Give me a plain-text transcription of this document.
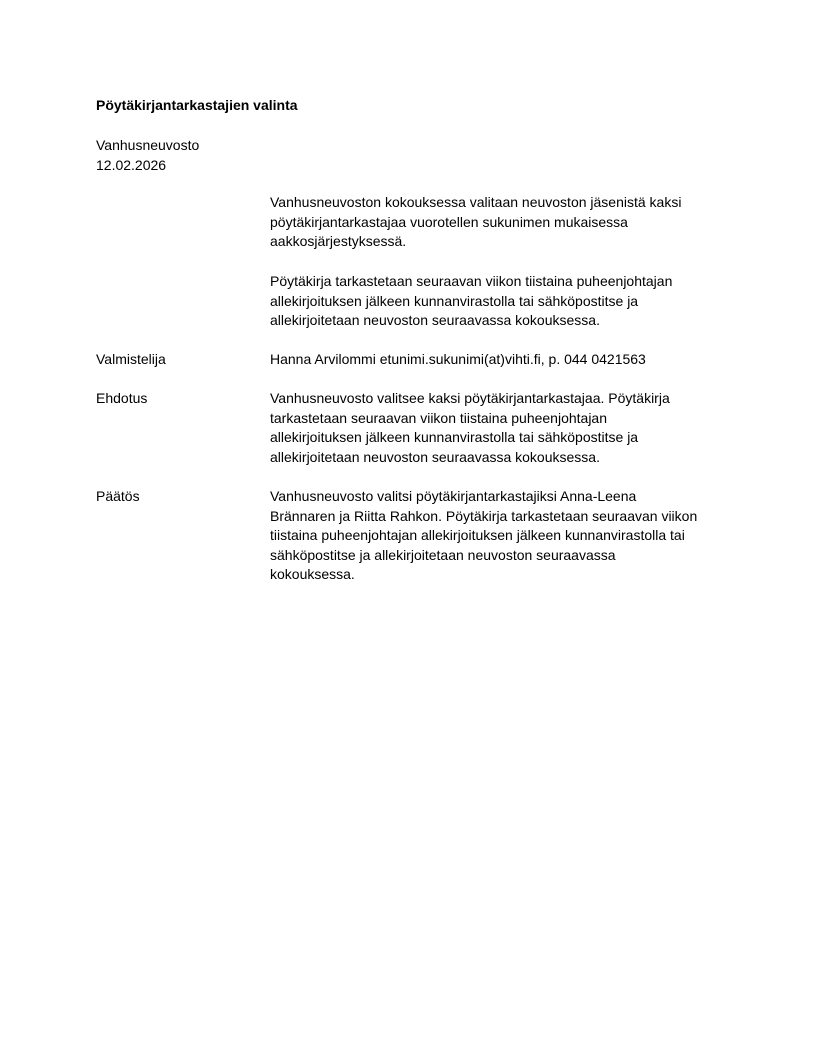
Pöytäkirjantarkastajien valinta
Vanhusneuvosto
12.02.2026
Vanhusneuvoston kokouksessa valitaan neuvoston jäsenistä kaksi
pöytäkirjantarkastajaa vuorotellen sukunimen mukaisessa
aakkosjärjestyksessä.
Pöytäkirja tarkastetaan seuraavan viikon tiistaina puheenjohtajan
allekirjoituksen jälkeen kunnanvirastolla tai sähköpostitse ja
allekirjoitetaan neuvoston seuraavassa kokouksessa.
Valmistelija	Hanna Arvilommi etunimi.sukunimi(at)vihti.fi, p. 044 0421563
Ehdotus	Vanhusneuvosto valitsee kaksi pöytäkirjantarkastajaa. Pöytäkirja
tarkastetaan seuraavan viikon tiistaina puheenjohtajan
allekirjoituksen jälkeen kunnanvirastolla tai sähköpostitse ja
allekirjoitetaan neuvoston seuraavassa kokouksessa.
Päätös	Vanhusneuvosto valitsi pöytäkirjantarkastajiksi Anna-Leena
Brännaren ja Riitta Rahkon. Pöytäkirja tarkastetaan seuraavan viikon
tiistaina puheenjohtajan allekirjoituksen jälkeen kunnanvirastolla tai
sähköpostitse ja allekirjoitetaan neuvoston seuraavassa
kokouksessa.
